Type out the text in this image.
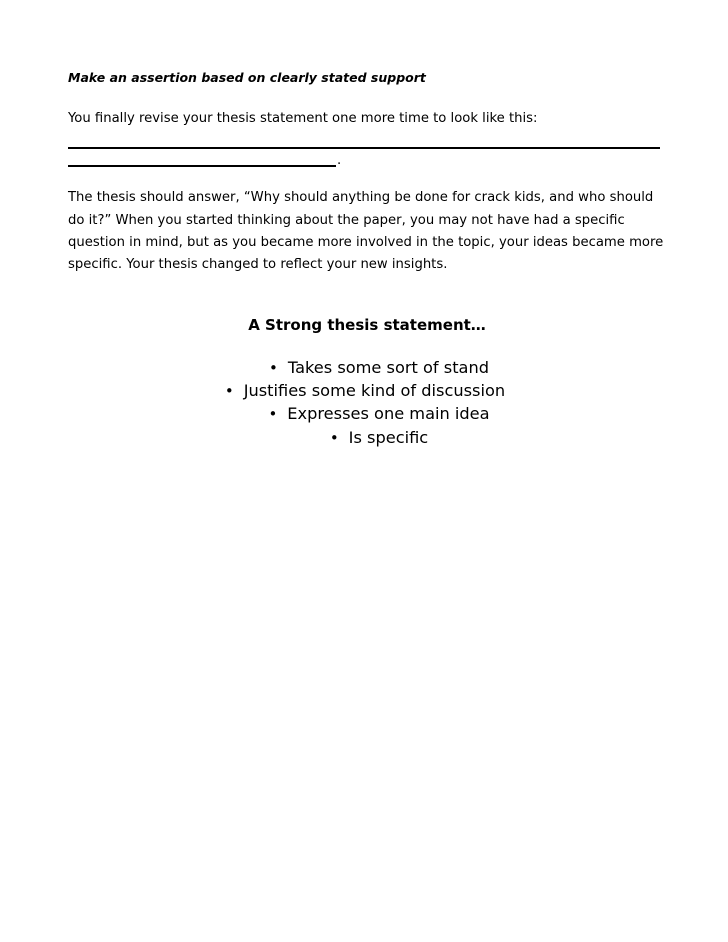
Make an assertion based on clearly stated support
You finally revise your thesis statement one more time to look like this:
.
The thesis should answer, “Why should anything be done for crack kids, and who should
do it?” When you started thinking about the paper, you may not have had a specific
question in mind, but as you became more involved in the topic, your ideas became more
specific. Your thesis changed to reflect your new insights.
A Strong thesis statement…
• Takes some sort of stand
• Justifies some kind of discussion
• Expresses one main idea
• Is specific
